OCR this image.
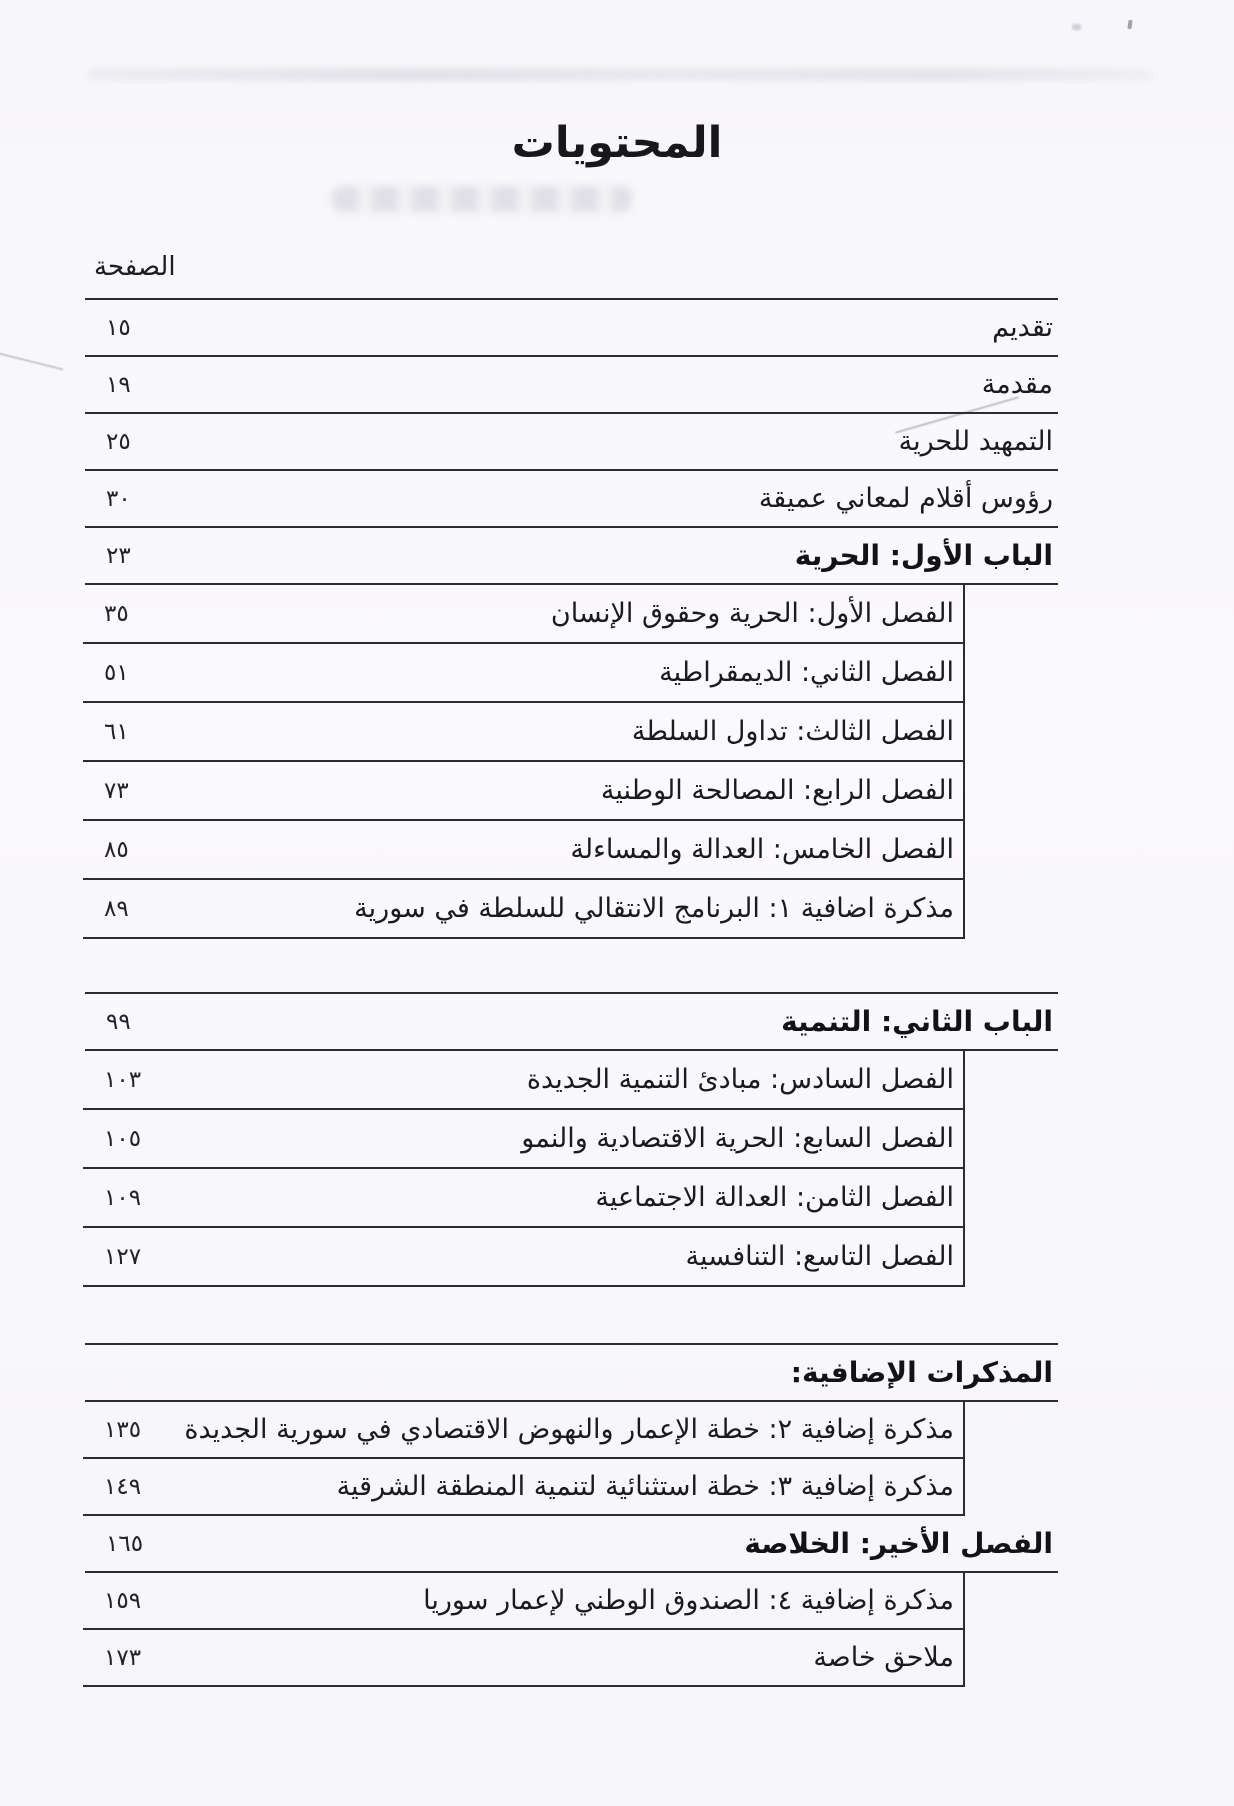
المحتويات
الصفحة
تقديم
١٥
مقدمة
١٩
التمهيد للحرية
٢٥
رؤوس أقلام لمعاني عميقة
٣٠
الباب الأول: الحرية
٢٣
الفصل الأول: الحرية وحقوق الإنسان
٣٥
الفصل الثاني: الديمقراطية
٥١
الفصل الثالث: تداول السلطة
٦١
الفصل الرابع: المصالحة الوطنية
٧٣
الفصل الخامس: العدالة والمساءلة
٨٥
مذكرة اضافية ١: البرنامج الانتقالي للسلطة في سورية
٨٩
الباب الثاني: التنمية
٩٩
الفصل السادس: مبادئ التنمية الجديدة
١٠٣
الفصل السابع: الحرية الاقتصادية والنمو
١٠٥
الفصل الثامن: العدالة الاجتماعية
١٠٩
الفصل التاسع: التنافسية
١٢٧
المذكرات الإضافية:
مذكرة إضافية ٢: خطة الإعمار والنهوض الاقتصادي في سورية الجديدة
١٣٥
مذكرة إضافية ٣: خطة استثنائية لتنمية المنطقة الشرقية
١٤٩
الفصل الأخير: الخلاصة
١٦٥
مذكرة إضافية ٤: الصندوق الوطني لإعمار سوريا
١٥٩
ملاحق خاصة
١٧٣
